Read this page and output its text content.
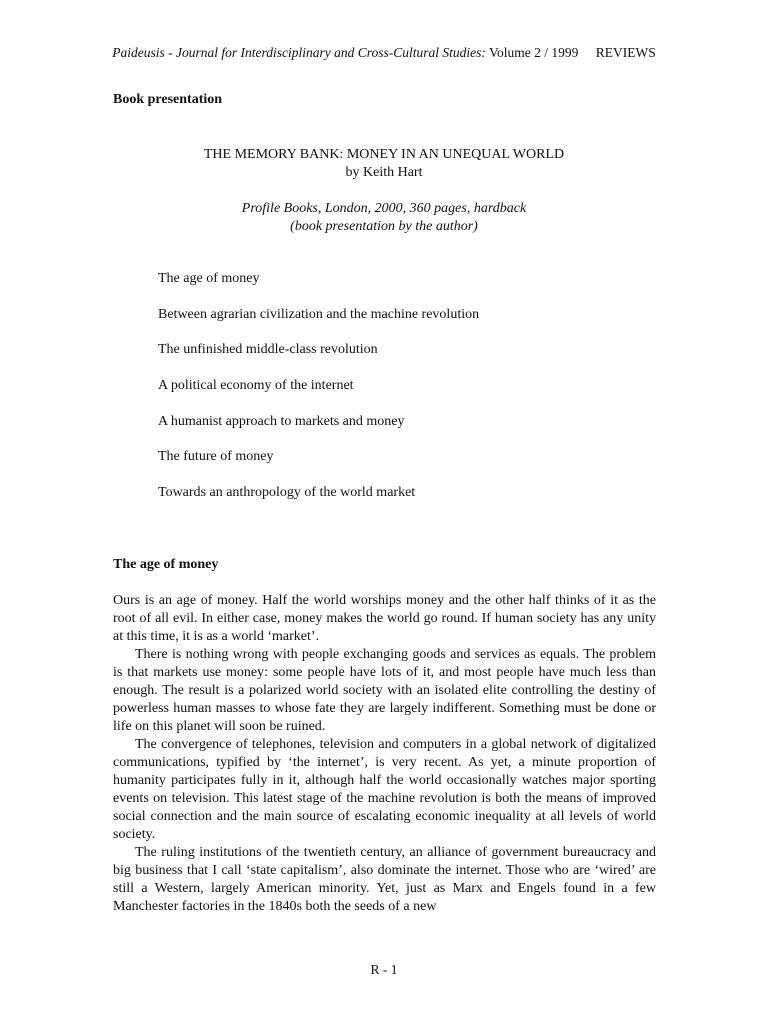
Paideusis - Journal for Interdisciplinary and Cross-Cultural Studies: Volume 2 / 1999 REVIEWS
Book presentation
THE MEMORY BANK: MONEY IN AN UNEQUAL WORLD
by Keith Hart
Profile Books, London, 2000, 360 pages, hardback
(book presentation by the author)
The age of money
Between agrarian civilization and the machine revolution
The unfinished middle-class revolution
A political economy of the internet
A humanist approach to markets and money
The future of money
Towards an anthropology of the world market
The age of money

Ours is an age of money. Half the world worships money and the other half thinks of it as the root of all evil. In either case, money makes the world go round. If human society has any unity at this time, it is as a world ‘market’.

There is nothing wrong with people exchanging goods and services as equals. The problem is that markets use money: some people have lots of it, and most people have much less than enough. The result is a polarized world society with an isolated elite controlling the destiny of powerless human masses to whose fate they are largely indifferent. Something must be done or life on this planet will soon be ruined.

The convergence of telephones, television and computers in a global network of digitalized communications, typified by ‘the internet’, is very recent. As yet, a minute proportion of humanity participates fully in it, although half the world occasionally watches major sporting events on television. This latest stage of the machine revolution is both the means of improved social connection and the main source of escalating economic inequality at all levels of world society.

The ruling institutions of the twentieth century, an alliance of government bureaucracy and big business that I call ‘state capitalism’, also dominate the internet. Those who are ‘wired’ are still a Western, largely American minority. Yet, just as Marx and Engels found in a few Manchester factories in the 1840s both the seeds of a new

R - 1
